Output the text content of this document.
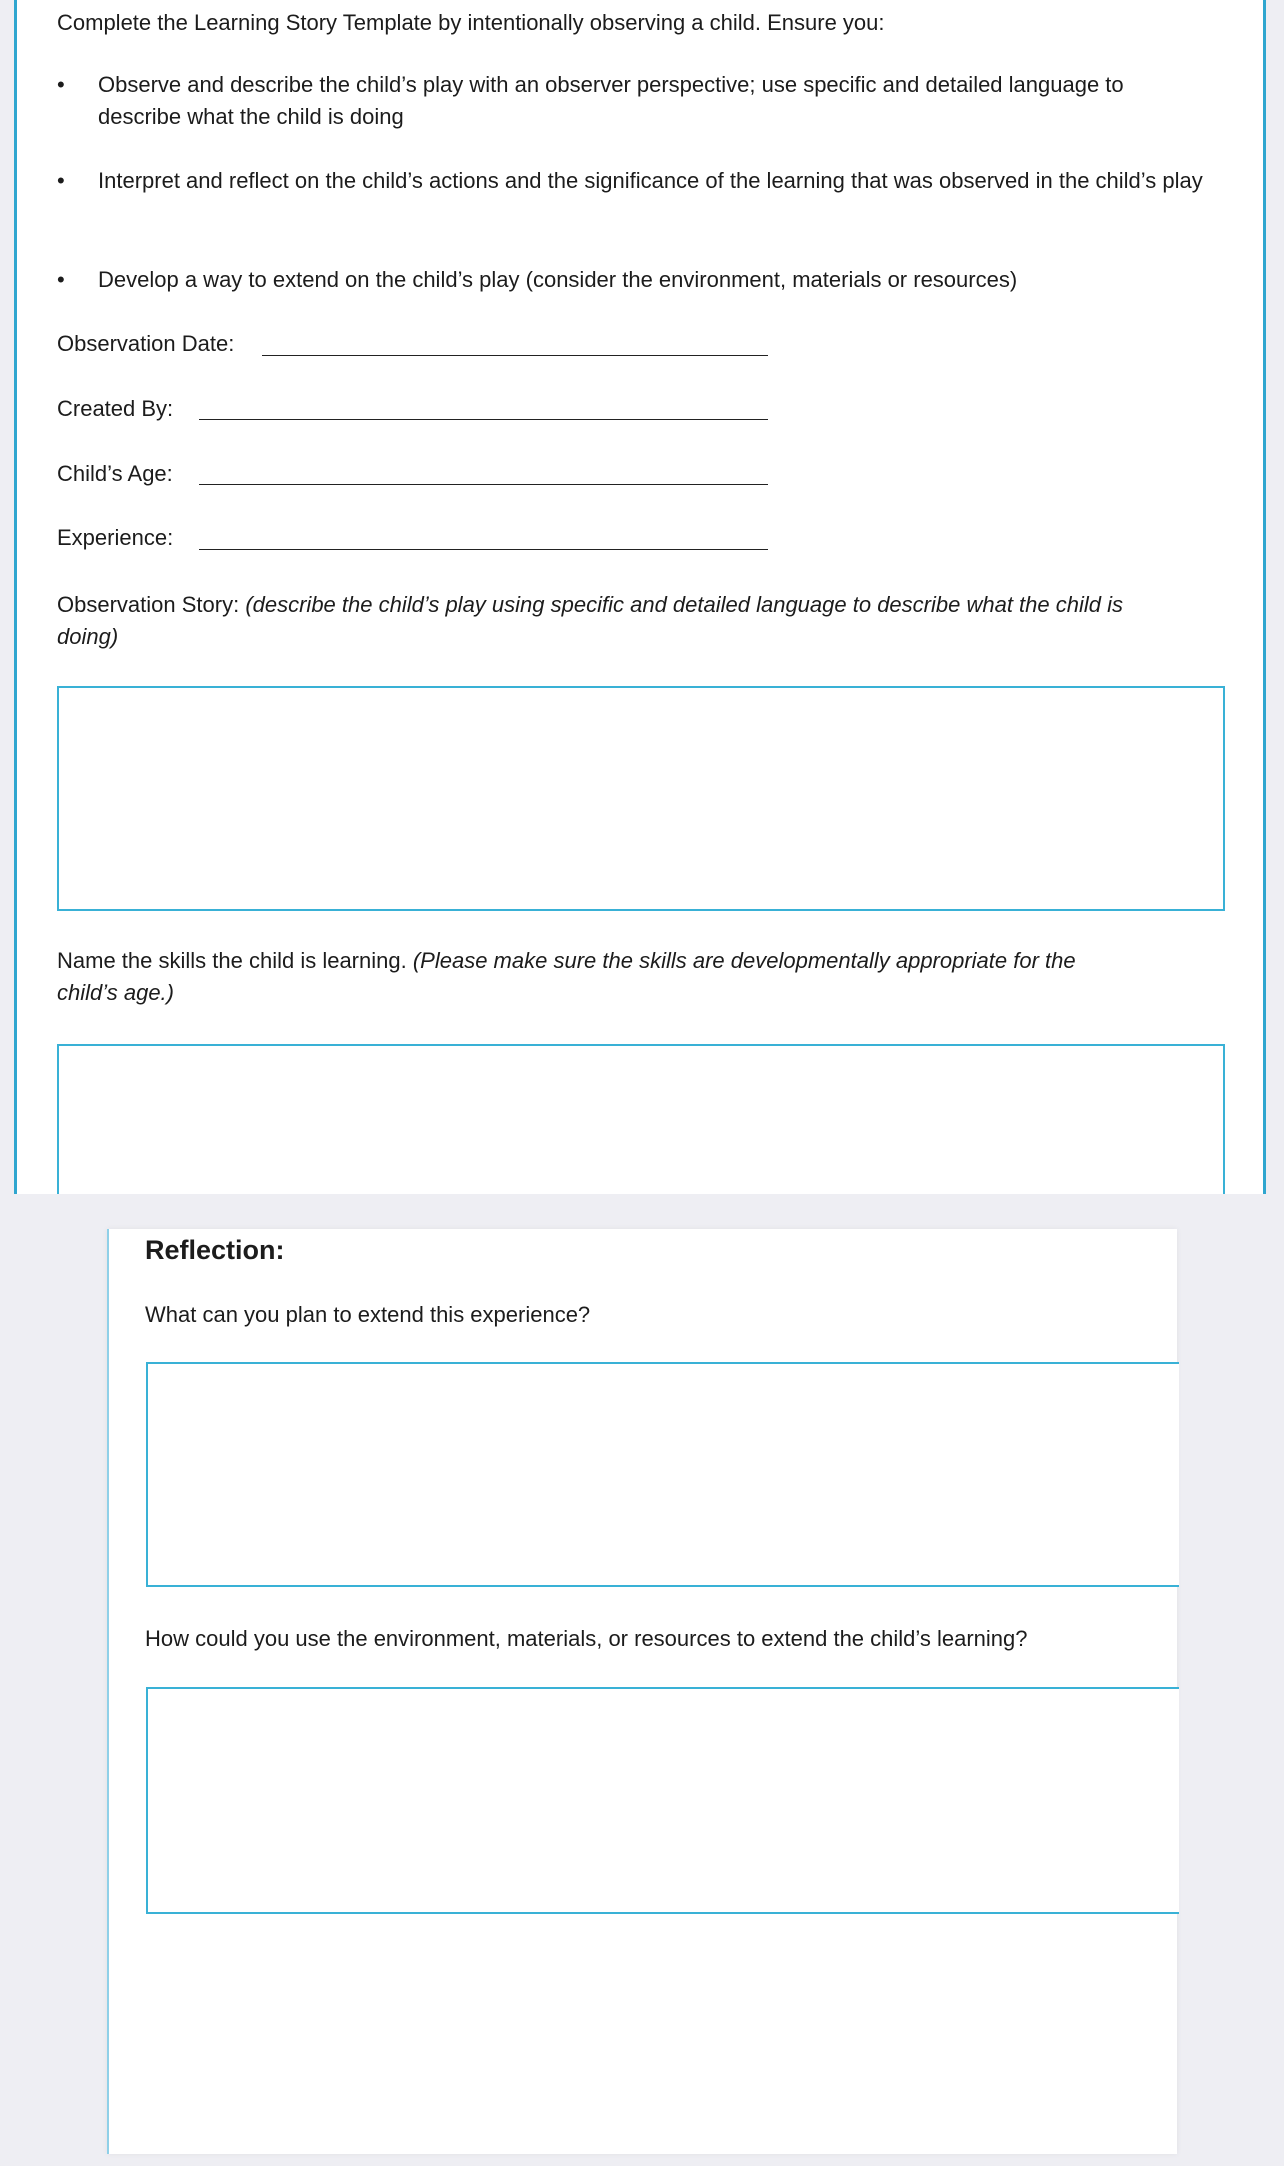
Complete the Learning Story Template by intentionally observing a child. Ensure you:
• Observe and describe the child’s play with an observer perspective; use specific and detailed language to describe what the child is doing
• Interpret and reflect on the child’s actions and the significance of the learning that was observed in the child’s play
• Develop a way to extend on the child’s play (consider the environment, materials or resources)
Observation Date:
Created By:
Child’s Age:
Experience:
Observation Story: (describe the child’s play using specific and detailed language to describe what the child is doing)
Name the skills the child is learning. (Please make sure the skills are developmentally appropriate for the child’s age.)
Reflection:
What can you plan to extend this experience?
How could you use the environment, materials, or resources to extend the child’s learning?
